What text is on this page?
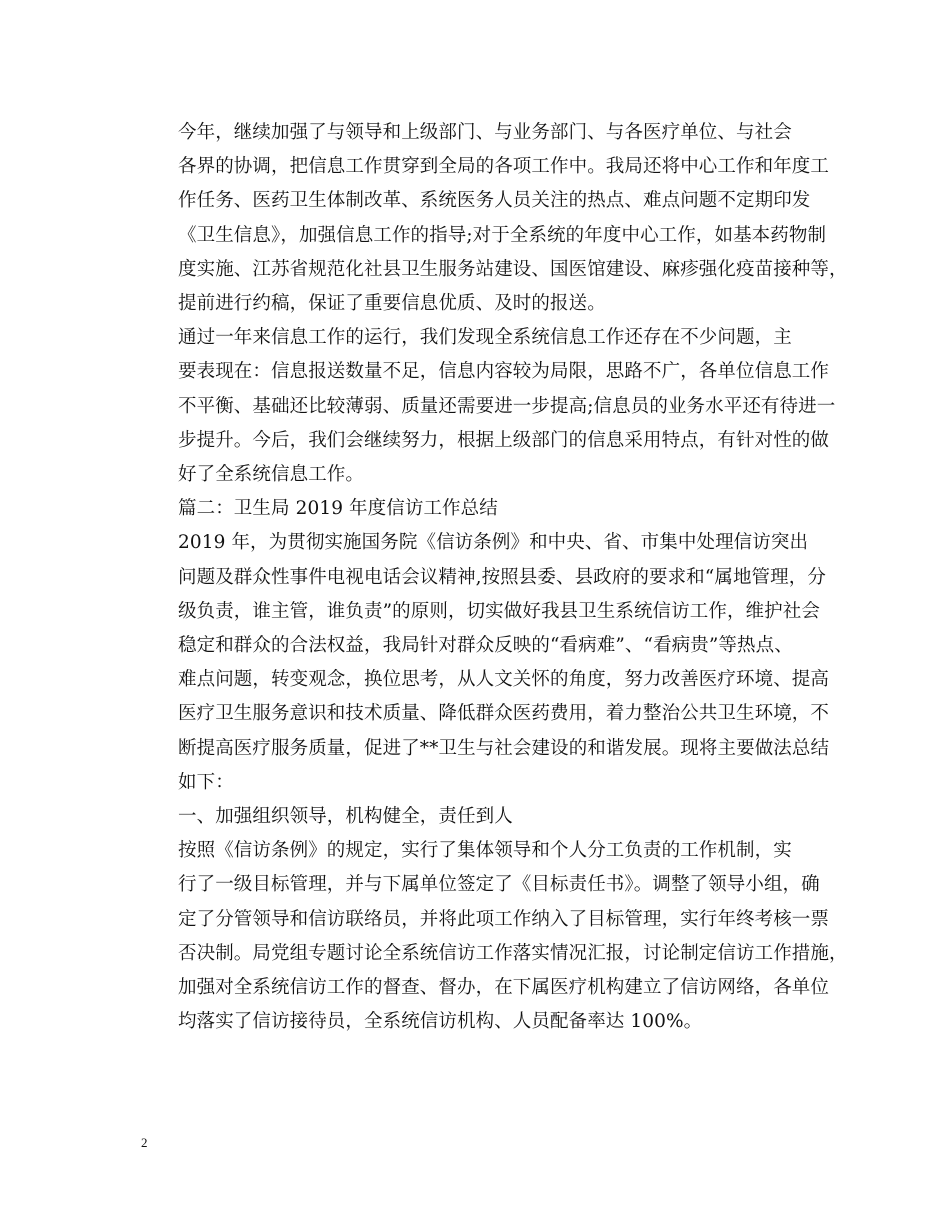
今年，继续加强了与领导和上级部门、与业务部门、与各医疗单位、与社会
各界的协调，把信息工作贯穿到全局的各项工作中。我局还将中心工作和年度工
作任务、医药卫生体制改革、系统医务人员关注的热点、难点问题不定期印发
《卫生信息》，加强信息工作的指导;对于全系统的年度中心工作，如基本药物制
度实施、江苏省规范化社县卫生服务站建设、国医馆建设、麻疹强化疫苗接种等，
提前进行约稿，保证了重要信息优质、及时的报送。

通过一年来信息工作的运行，我们发现全系统信息工作还存在不少问题，主
要表现在：信息报送数量不足，信息内容较为局限，思路不广，各单位信息工作
不平衡、基础还比较薄弱、质量还需要进一步提高;信息员的业务水平还有待进一
步提升。今后，我们会继续努力，根据上级部门的信息采用特点，有针对性的做
好了全系统信息工作。

篇二：卫生局 2019 年度信访工作总结

2019 年，为贯彻实施国务院《信访条例》和中央、省、市集中处理信访突出
问题及群众性事件电视电话会议精神,按照县委、县政府的要求和“属地管理，分
级负责，谁主管，谁负责”的原则，切实做好我县卫生系统信访工作，维护社会
稳定和群众的合法权益，我局针对群众反映的“看病难”、“看病贵”等热点、
难点问题，转变观念，换位思考，从人文关怀的角度，努力改善医疗环境、提高
医疗卫生服务意识和技术质量、降低群众医药费用，着力整治公共卫生环境，不
断提高医疗服务质量，促进了**卫生与社会建设的和谐发展。现将主要做法总结
如下：

一、加强组织领导，机构健全，责任到人

按照《信访条例》的规定，实行了集体领导和个人分工负责的工作机制，实
行了一级目标管理，并与下属单位签定了《目标责任书》。调整了领导小组，确
定了分管领导和信访联络员，并将此项工作纳入了目标管理，实行年终考核一票
否决制。局党组专题讨论全系统信访工作落实情况汇报，讨论制定信访工作措施，
加强对全系统信访工作的督查、督办，在下属医疗机构建立了信访网络，各单位
均落实了信访接待员，全系统信访机构、人员配备率达 100%。

2
